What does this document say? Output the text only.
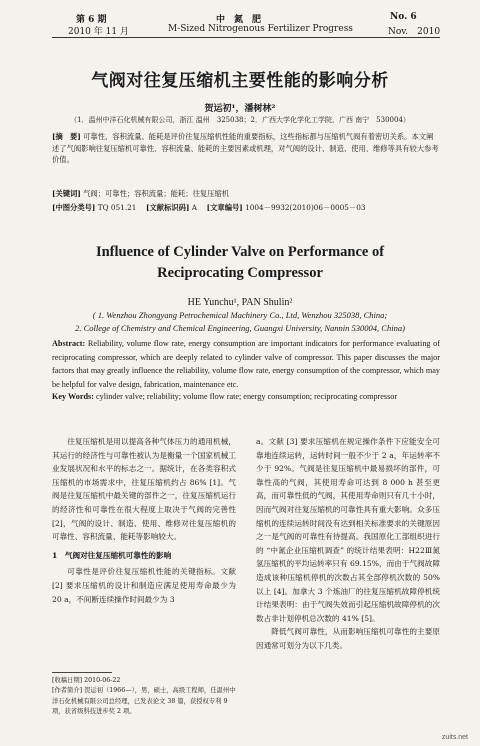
第 6 期	中　氮　肥	No. 6
2010 年 11 月	M-Sized Nitrogenous Fertilizer Progress	Nov.　2010
气阀对往复压缩机主要性能的影响分析
贺运初¹，潘树林²
（1．温州中洋石化机械有限公司，浙江 温州　325038；2．广西大学化学化工学院，广西 南宁　530004）
[摘　要] 可靠性、容积流量、能耗是评价往复压缩机性能的重要指标，这些指标都与压缩机气阀有着密切关系。本文阐述了气阀影响往复压缩机可靠性、容积流量、能耗的主要因素或机理，对气阀的设计、制造、使用、维修等具有较大参考价值。
[关键词] 气阀；可靠性；容积流量；能耗；往复压缩机
[中图分类号] TQ 051.21　 [文献标识码] A　 [文章编号] 1004－9932(2010)06－0005－03
Influence of Cylinder Valve on Performance of
Reciprocating Compressor
HE Yunchu¹, PAN Shulin²
( 1. Wenzhou Zhongyang Petrochemical Machinery Co., Ltd, Wenzhou 325038, China;
2. College of Chemistry and Chemical Engineering, Guangxi University, Nannin 530004, China)
Abstract: Reliability, volume flow rate, energy consumption are important indicators for performance evaluating of reciprocating compressor, which are deeply related to cylinder valve of compressor. This paper discusses the major factors that may greatly influence the reliability, volume flow rate, energy consumption of the compressor, which may be helpful for valve design, fabrication, maintenance etc.
Key Words: cylinder valve; reliability; volume flow rate; energy consumption; reciprocating compressor

往复压缩机是用以提高各种气体压力的通用机械，其运行的经济性与可靠性被认为是衡量一个国家机械工业发展状况和水平的标志之一。据统计，在各类容积式压缩机的市场需求中，往复压缩机约占 86% [1]。气阀是往复压缩机中最关键的部件之一，往复压缩机运行的经济性和可靠性在很大程度上取决于气阀的完善性 [2]，气阀的设计、制造、使用、维修对往复压缩机的可靠性、容积流量、能耗等影响较大。

1　气阀对往复压缩机可靠性的影响

可靠性是评价往复压缩机性能的关键指标。文献 [2] 要求压缩机的设计和制造应满足使用寿命最少为 20 a，不间断连续操作时间最少为 3

a。文献 [3] 要求压缩机在规定操作条件下应能安全可靠地连续运转，运转时间一般不少于 2 a，年运转率不少于 92%。气阀是往复压缩机中最易损坏的部件，可靠性高的气阀，其使用寿命可达到 8 000 h 甚至更高，而可靠性低的气阀，其使用寿命则只有几十小时，因而气阀对往复压缩机的可靠性具有重大影响。众多压缩机的连续运转时间没有达到相关标准要求的关键原因之一是气阀的可靠性有待提高。我国原化工部组织进行的 “中氮企业压缩机调查” 的统计结果表明：H22Ⅲ氮氢压缩机的平均运转率只有 69.15%，而由于气阀故障造成该种压缩机停机的次数占其全部停机次数的 50% 以上 [4]。加拿大 3 个炼油厂的往复压缩机故障停机统计结果表明：由于气阀失效而引起压缩机故障停机的次数占非计划停机总次数的 41% [5]。

降低气阀可靠性，从而影响压缩机可靠性的主要原因通常可划分为以下几类。

[收稿日期] 2010-06-22
[作者简介] 贺运初（1966—），男，硕士，高级工程师，任温州中洋石化机械有限公司总经理，已发表论文 38 篇，获授权专利 9 项，获省级科技进步奖 2 项。
zuits.net
